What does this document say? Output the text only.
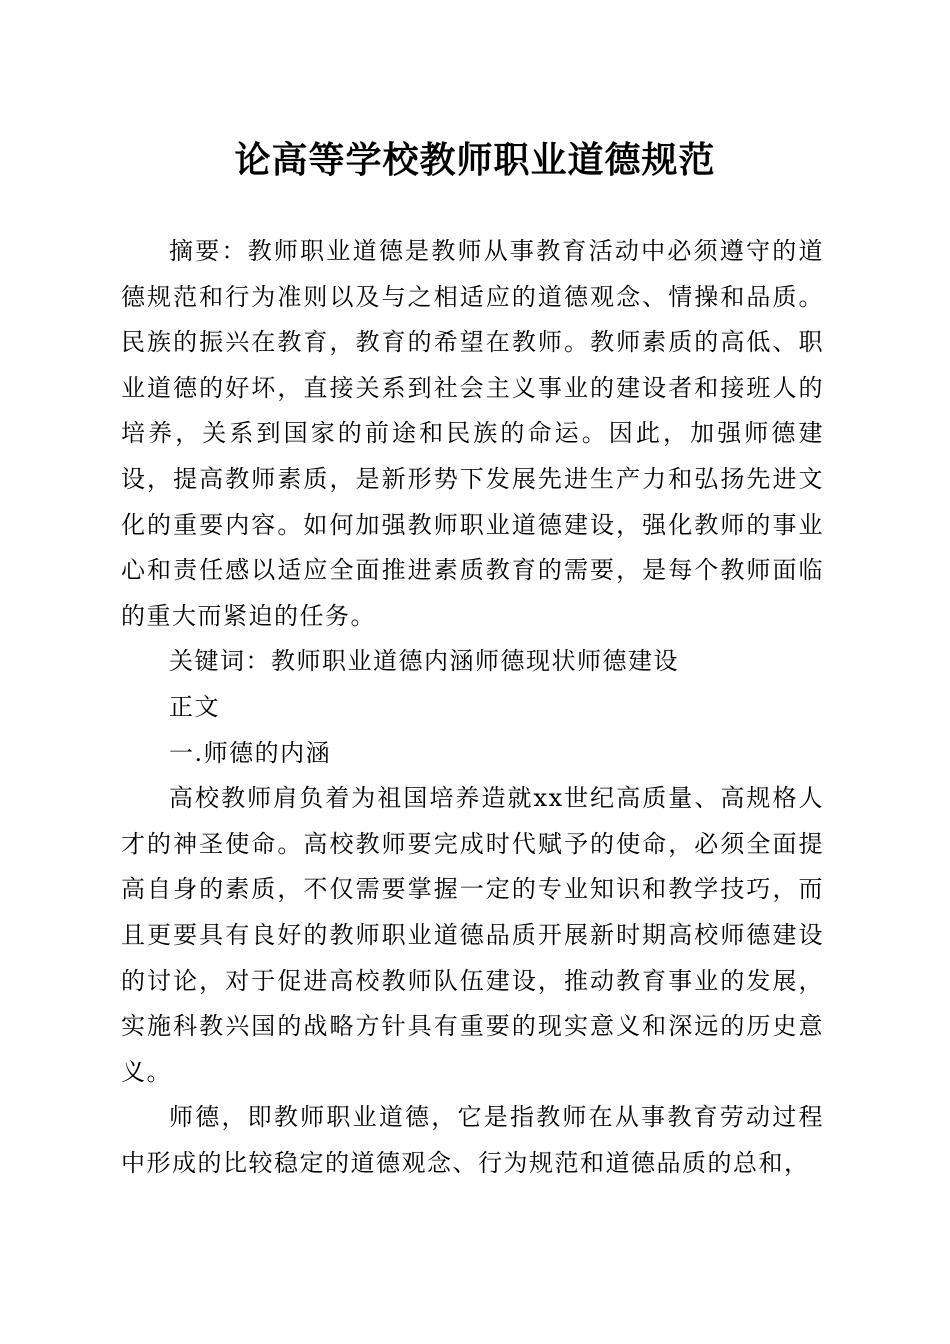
论高等学校教师职业道德规范

摘要：教师职业道德是教师从事教育活动中必须遵守的道德规范和行为准则以及与之相适应的道德观念、情操和品质。民族的振兴在教育，教育的希望在教师。教师素质的高低、职业道德的好坏，直接关系到社会主义事业的建设者和接班人的培养，关系到国家的前途和民族的命运。因此，加强师德建设，提高教师素质，是新形势下发展先进生产力和弘扬先进文化的重要内容。如何加强教师职业道德建设，强化教师的事业心和责任感以适应全面推进素质教育的需要，是每个教师面临的重大而紧迫的任务。

关键词：教师职业道德内涵师德现状师德建设

正文

一.师德的内涵

高校教师肩负着为祖国培养造就xx世纪高质量、高规格人才的神圣使命。高校教师要完成时代赋予的使命，必须全面提高自身的素质，不仅需要掌握一定的专业知识和教学技巧，而且更要具有良好的教师职业道德品质开展新时期高校师德建设的讨论，对于促进高校教师队伍建设，推动教育事业的发展，实施科教兴国的战略方针具有重要的现实意义和深远的历史意义。

师德，即教师职业道德，它是指教师在从事教育劳动过程中形成的比较稳定的道德观念、行为规范和道德品质的总和，
